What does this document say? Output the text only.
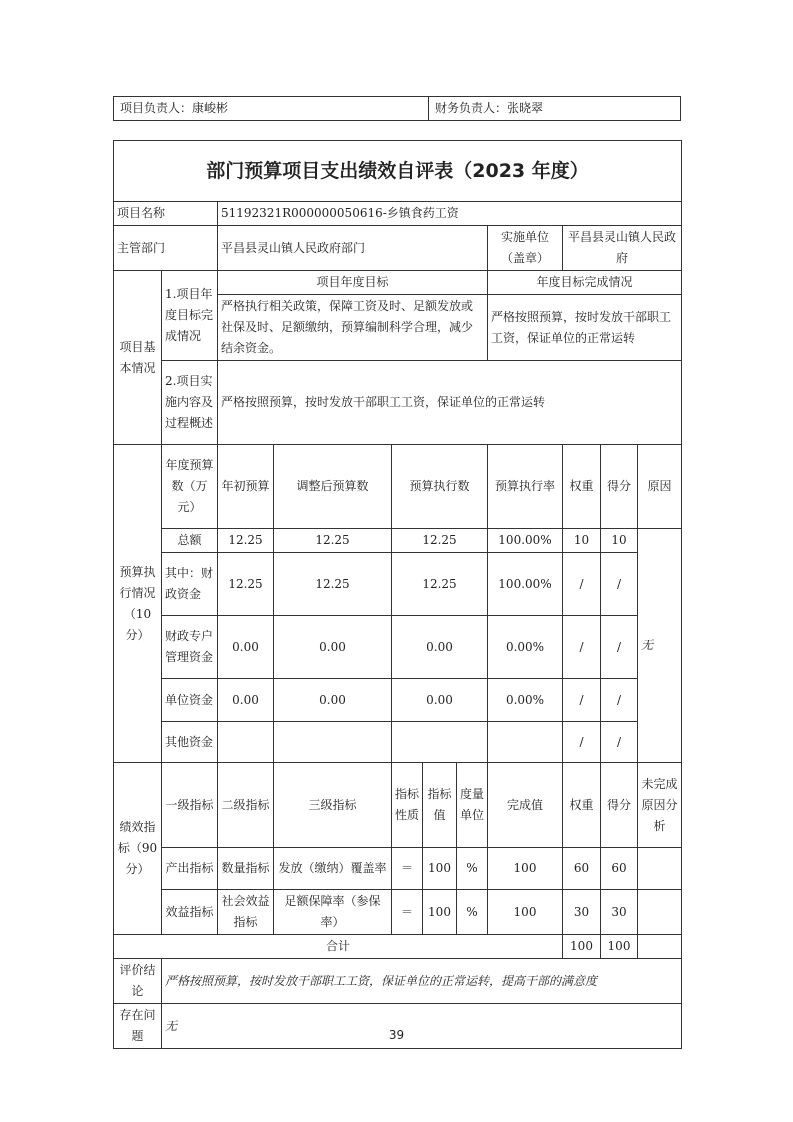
项目负责人：康峻彬	财务负责人：张晓翠
部门预算项目支出绩效自评表（2023 年度）										
项目名称		51192321R000000050616-乡镇食药工资								
主管部门		平昌县灵山镇人民政府部门					实施单位（盖章）	平昌县灵山镇人民政府		
项目基本情况	1.项目年度目标完成情况	项目年度目标					年度目标完成情况			
		严格执行相关政策，保障工资及时、足额发放或社保及时、足额缴纳，预算编制科学合理，减少结余资金。					严格按照预算，按时发放干部职工工资，保证单位的正常运转			
	2.项目实施内容及过程概述	严格按照预算，按时发放干部职工工资，保证单位的正常运转								
预算执行情况（10分）	年度预算数（万元）	年初预算	调整后预算数	预算执行数			预算执行率	权重	得分	原因
	总额	12.25	12.25	12.25			100.00%	10	10	无
	其中：财政资金	12.25	12.25	12.25			100.00%	/	/	
	财政专户管理资金	0.00	0.00	0.00			0.00%	/	/	
	单位资金	0.00	0.00	0.00			0.00%	/	/	
	其他资金							/	/	
绩效指标（90分）	一级指标	二级指标	三级指标	指标性质	指标值	度量单位	完成值	权重	得分	未完成原因分析
	产出指标	数量指标	发放（缴纳）覆盖率	＝	100	%	100	60	60	
	效益指标	社会效益指标	足额保障率（参保率）	＝	100	%	100	30	30	
合计								100	100	
评价结论	严格按照预算，按时发放干部职工工资，保证单位的正常运转，提高干部的满意度									
存在问题	无									
39
